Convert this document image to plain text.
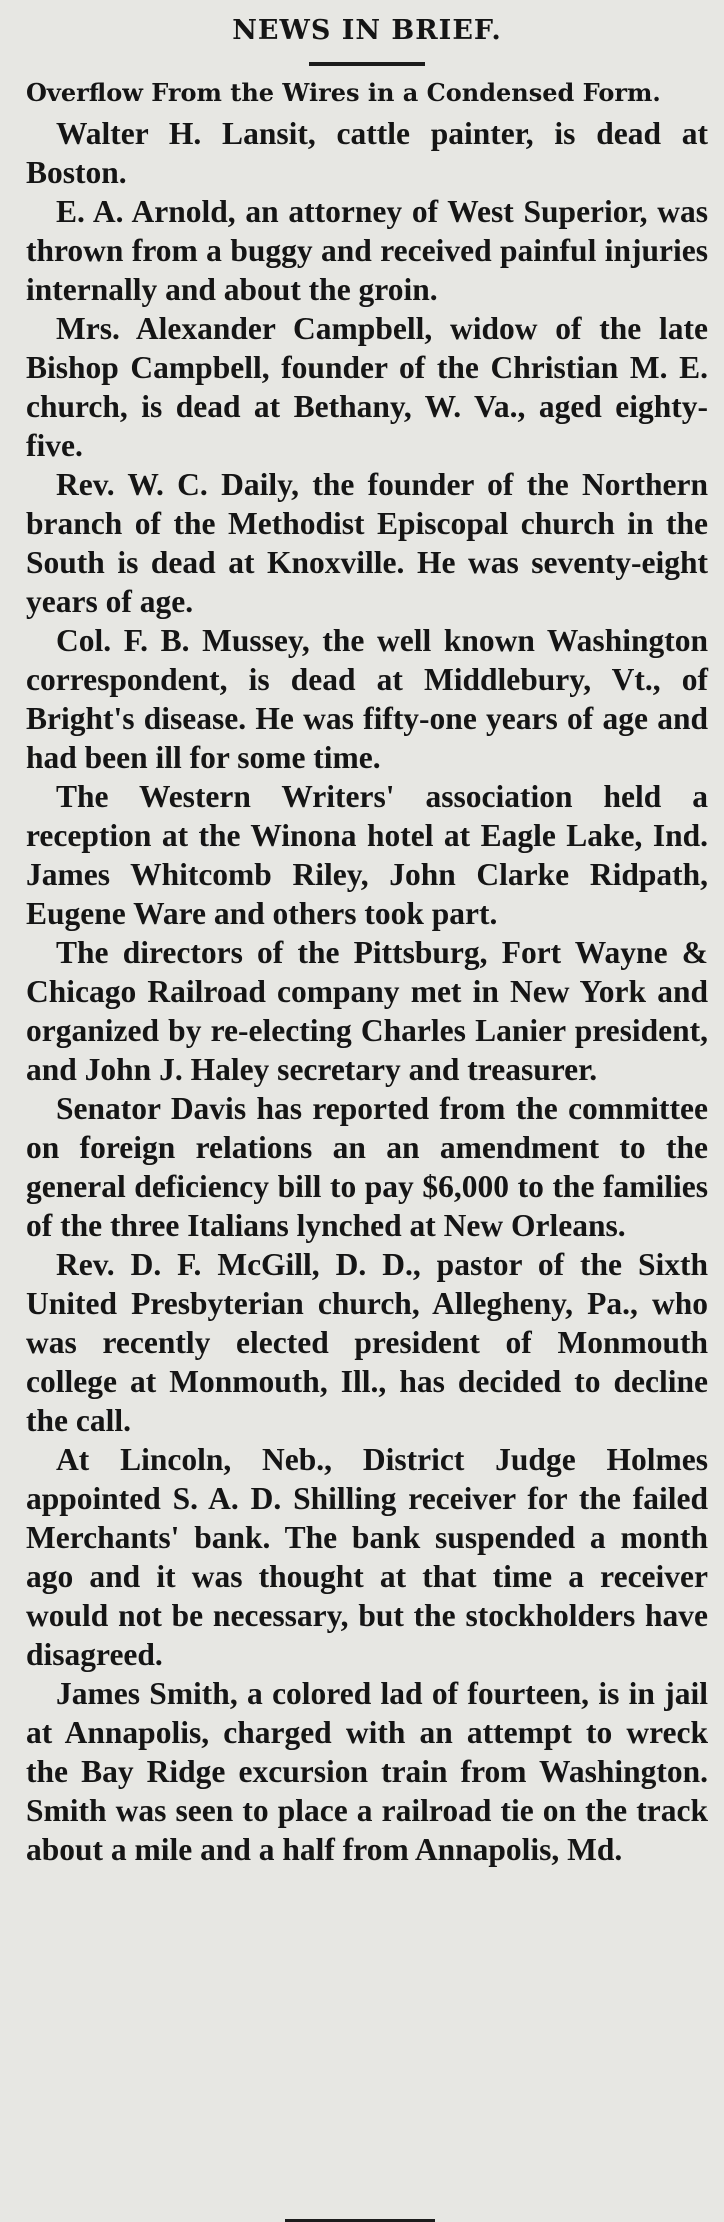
NEWS IN BRIEF.

Overflow From the Wires in a Condensed Form.

Walter H. Lansit, cattle painter, is dead at Boston.

E. A. Arnold, an attorney of West Superior, was thrown from a buggy and received painful injuries internally and about the groin.

Mrs. Alexander Campbell, widow of the late Bishop Campbell, founder of the Christian M. E. church, is dead at Bethany, W. Va., aged eighty-five.

Rev. W. C. Daily, the founder of the Northern branch of the Methodist Episcopal church in the South is dead at Knoxville. He was seventy-eight years of age.

Col. F. B. Mussey, the well known Washington correspondent, is dead at Middlebury, Vt., of Bright's disease. He was fifty-one years of age and had been ill for some time.

The Western Writers' association held a reception at the Winona hotel at Eagle Lake, Ind. James Whitcomb Riley, John Clarke Ridpath, Eugene Ware and others took part.

The directors of the Pittsburg, Fort Wayne & Chicago Railroad company met in New York and organized by re-electing Charles Lanier president, and John J. Haley secretary and treasurer.

Senator Davis has reported from the committee on foreign relations an an amendment to the general deficiency bill to pay $6,000 to the families of the three Italians lynched at New Orleans.

Rev. D. F. McGill, D. D., pastor of the Sixth United Presbyterian church, Allegheny, Pa., who was recently elected president of Monmouth college at Monmouth, Ill., has decided to decline the call.

At Lincoln, Neb., District Judge Holmes appointed S. A. D. Shilling receiver for the failed Merchants' bank. The bank suspended a month ago and it was thought at that time a receiver would not be necessary, but the stockholders have disagreed.

James Smith, a colored lad of fourteen, is in jail at Annapolis, charged with an attempt to wreck the Bay Ridge excursion train from Washington. Smith was seen to place a railroad tie on the track about a mile and a half from Annapolis, Md.
